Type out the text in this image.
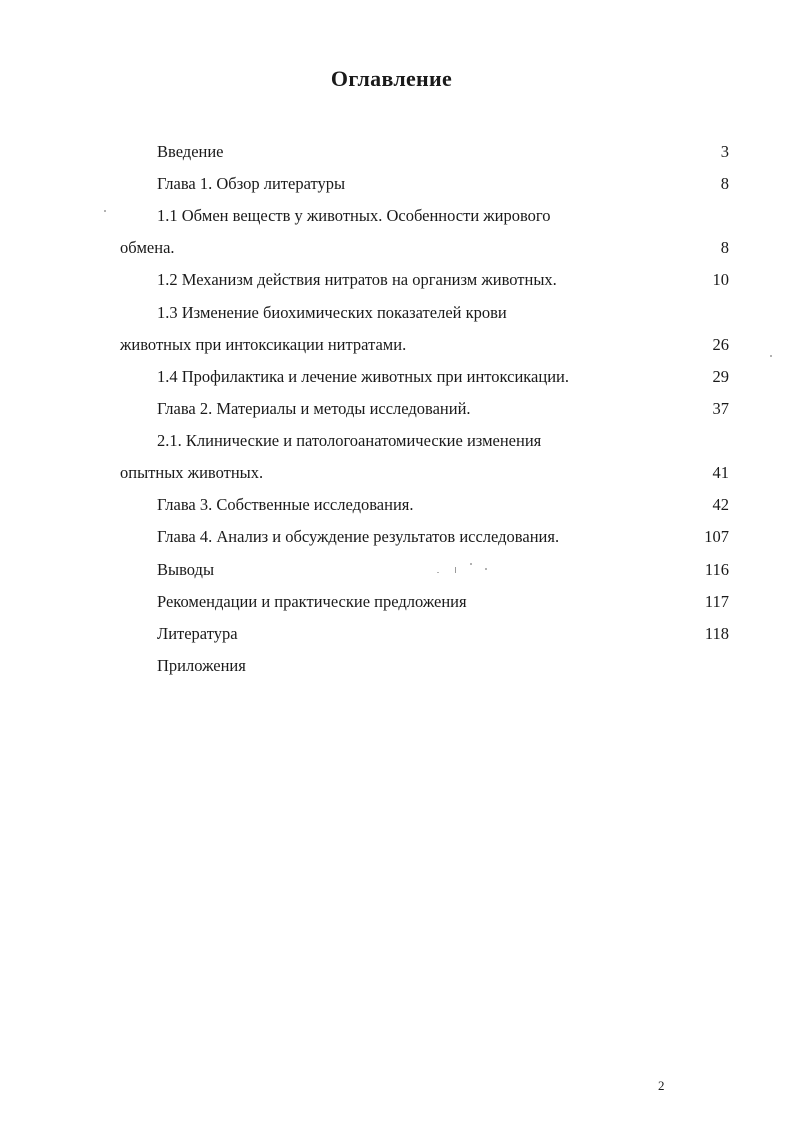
Оглавление
Введение	3
Глава 1. Обзор литературы	8
1.1 Обмен веществ у животных. Особенности жирового
обмена.	8
1.2 Механизм действия нитратов на организм животных.	10
1.3 Изменение биохимических показателей крови
животных при интоксикации нитратами.	26
1.4 Профилактика и лечение животных при интоксикации.	29
Глава 2. Материалы и методы исследований.	37
2.1. Клинические и патологоанатомические изменения
опытных животных.	41
Глава 3. Собственные исследования.	42
Глава 4. Анализ и обсуждение результатов исследования.	107
Выводы	116
Рекомендации и практические предложения	117
Литература	118
Приложения
2
